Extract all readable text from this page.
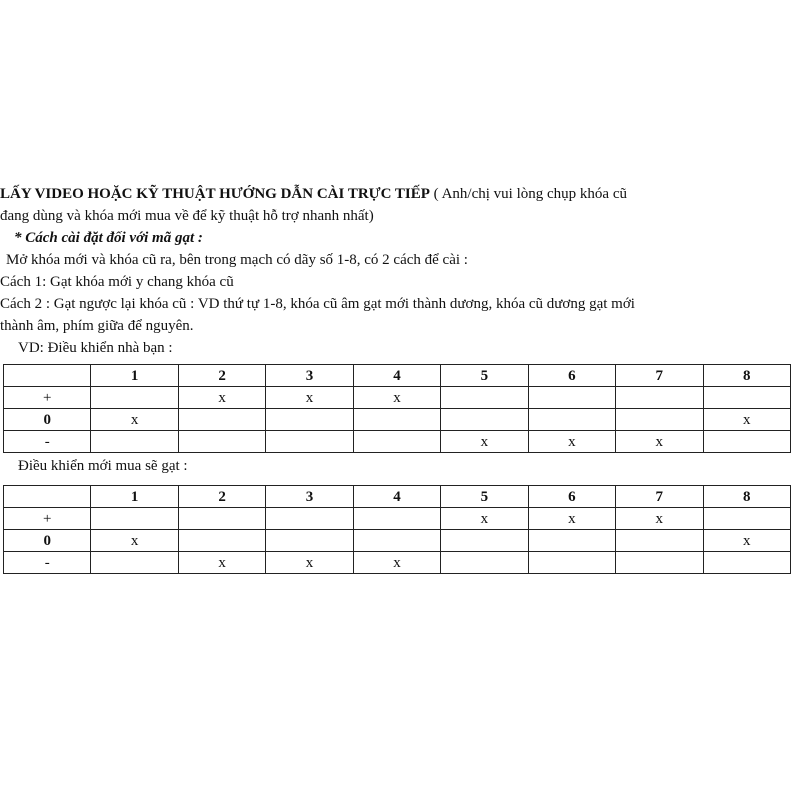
LẤY VIDEO HOẶC KỸ THUẬT HƯỚNG DẪN CÀI TRỰC TIẾP ( Anh/chị vui lòng chụp khóa cũ
đang dùng và khóa mới mua về để kỹ thuật hỗ trợ nhanh nhất)
* Cách cài đặt đối với mã gạt :
Mở khóa mới và khóa cũ ra, bên trong mạch có dãy số 1-8, có 2 cách để cài :
Cách 1: Gạt khóa mới y chang khóa cũ
Cách 2 : Gạt ngược lại khóa cũ : VD thứ tự 1-8, khóa cũ âm gạt mới thành dương, khóa cũ dương gạt mới
thành âm, phím giữa để nguyên.
VD: Điều khiển nhà bạn :
	1	2	3	4	5	6	7	8
+		x	x	x				
0	x							x
-					x	x	x	
Điều khiển mới mua sẽ gạt :
	1	2	3	4	5	6	7	8
+					x	x	x	
0	x							x
-		x	x	x				
